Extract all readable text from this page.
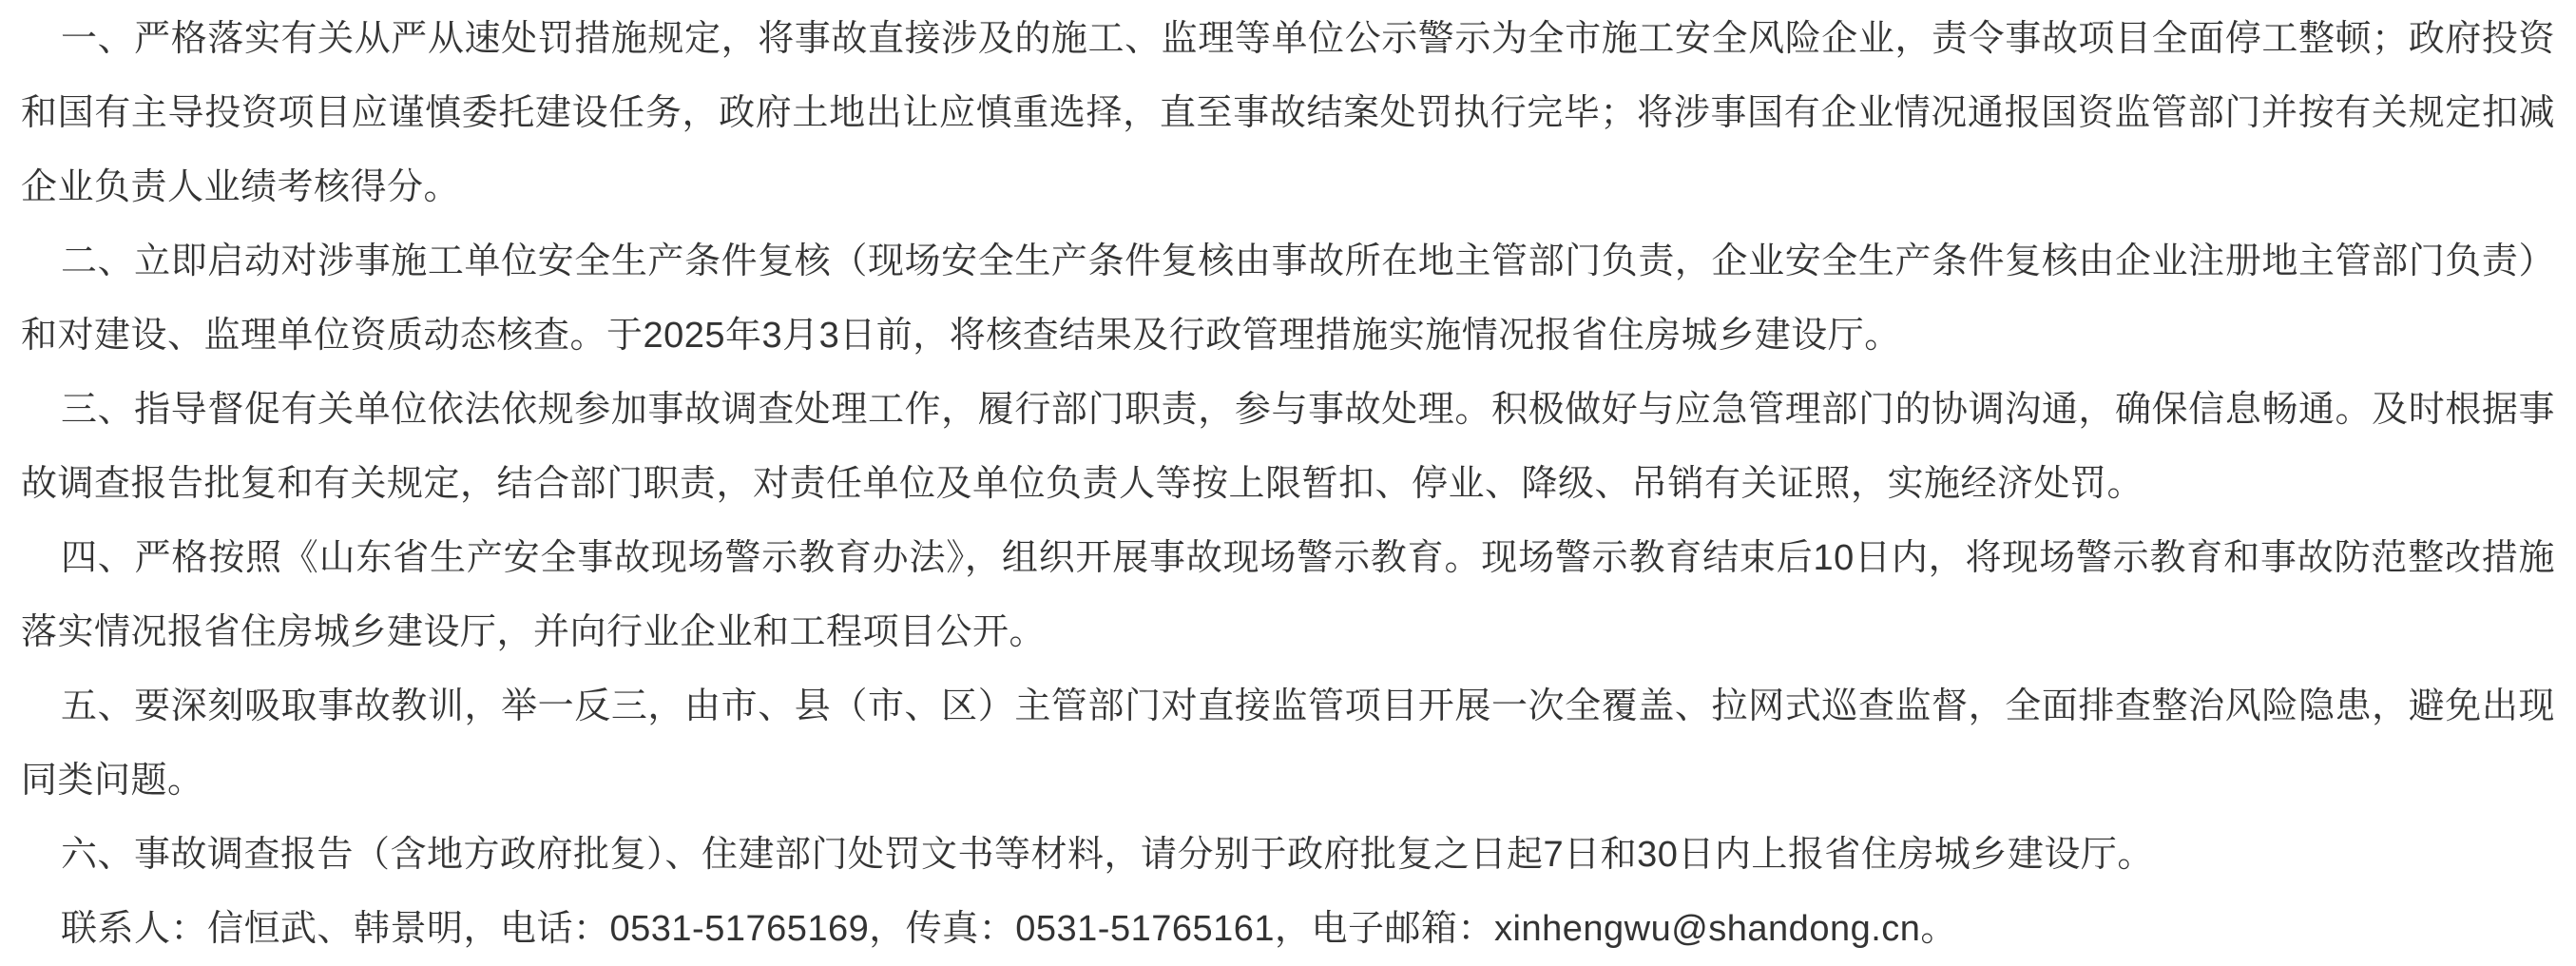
一、严格落实有关从严从速处罚措施规定，将事故直接涉及的施工、监理等单位公示警示为全市施工安全风险企业，责令事故项目全面停工整顿；政府投资和国有主导投资项目应谨慎委托建设任务，政府土地出让应慎重选择，直至事故结案处罚执行完毕；将涉事国有企业情况通报国资监管部门并按有关规定扣减企业负责人业绩考核得分。

二、立即启动对涉事施工单位安全生产条件复核（现场安全生产条件复核由事故所在地主管部门负责，企业安全生产条件复核由企业注册地主管部门负责）和对建设、监理单位资质动态核查。于2025年3月3日前，将核查结果及行政管理措施实施情况报省住房城乡建设厅。

三、指导督促有关单位依法依规参加事故调查处理工作，履行部门职责，参与事故处理。积极做好与应急管理部门的协调沟通，确保信息畅通。及时根据事故调查报告批复和有关规定，结合部门职责，对责任单位及单位负责人等按上限暂扣、停业、降级、吊销有关证照，实施经济处罚。

四、严格按照《山东省生产安全事故现场警示教育办法》，组织开展事故现场警示教育。现场警示教育结束后10日内，将现场警示教育和事故防范整改措施落实情况报省住房城乡建设厅，并向行业企业和工程项目公开。

五、要深刻吸取事故教训，举一反三，由市、县（市、区）主管部门对直接监管项目开展一次全覆盖、拉网式巡查监督，全面排查整治风险隐患，避免出现同类问题。

六、事故调查报告（含地方政府批复）、住建部门处罚文书等材料，请分别于政府批复之日起7日和30日内上报省住房城乡建设厅。

联系人：信恒武、韩景明，电话：0531-51765169，传真：0531-51765161，电子邮箱：xinhengwu@shandong.cn。
